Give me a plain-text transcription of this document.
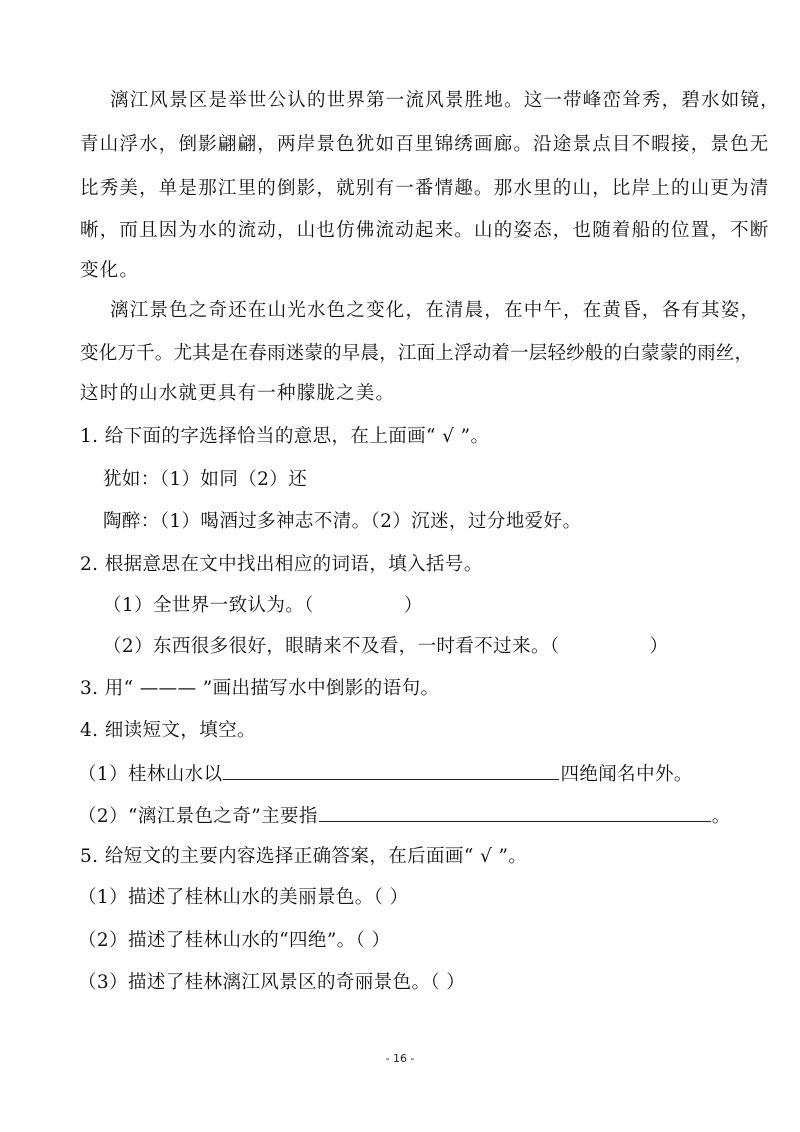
漓江风景区是举世公认的世界第一流风景胜地。这一带峰峦耸秀，碧水如镜，
青山浮水，倒影翩翩，两岸景色犹如百里锦绣画廊。沿途景点目不暇接，景色无
比秀美，单是那江里的倒影，就别有一番情趣。那水里的山，比岸上的山更为清
晰，而且因为水的流动，山也仿佛流动起来。山的姿态，也随着船的位置，不断
变化。
漓江景色之奇还在山光水色之变化，在清晨，在中午，在黄昏，各有其姿，
变化万千。尤其是在春雨迷蒙的早晨，江面上浮动着一层轻纱般的白蒙蒙的雨丝，
这时的山水就更具有一种朦胧之美。
1. 给下面的字选择恰当的意思，在上面画“ √ ”。
犹如：（1）如同（2）还
陶醉：（1）喝酒过多神志不清。（2）沉迷，过分地爱好。
2. 根据意思在文中找出相应的词语，填入括号。
（1）全世界一致认为。（	）
（2）东西很多很好，眼睛来不及看，一时看不过来。（	）
3. 用“ ——— ”画出描写水中倒影的语句。
4. 细读短文，填空。
（1）桂林山水以	四绝闻名中外。
（2）“漓江景色之奇”主要指	。
5. 给短文的主要内容选择正确答案，在后面画“ √ ”。
（1）描述了桂林山水的美丽景色。（ ）
（2）描述了桂林山水的“四绝”。（ ）
（3）描述了桂林漓江风景区的奇丽景色。（ ）
- 16 -
